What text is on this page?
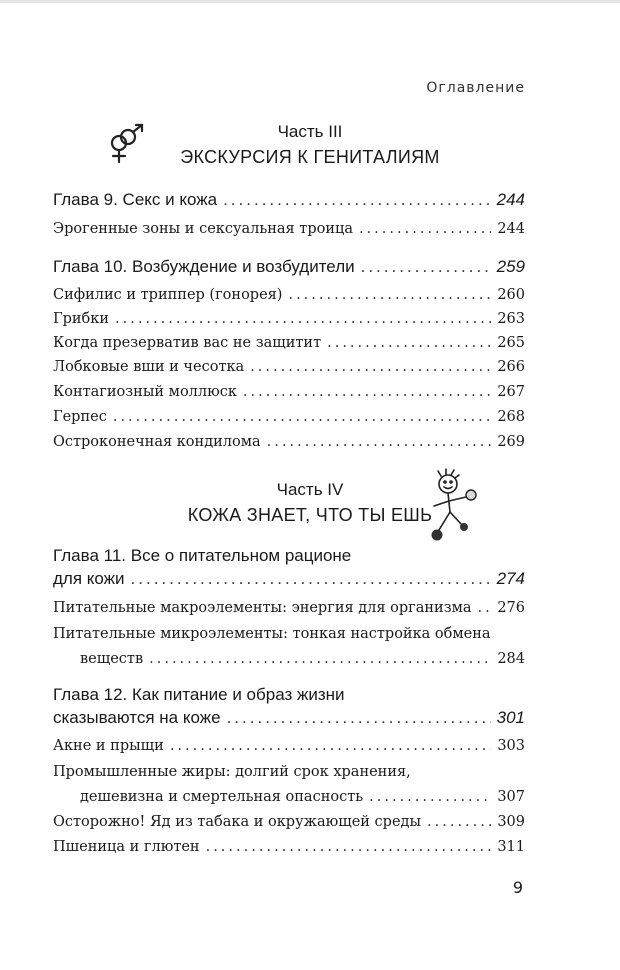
Оглавление
Часть III
ЭКСКУРСИЯ К ГЕНИТАЛИЯМ
Глава 9. Секс и кожа .....	244
Эрогенные зоны и сексуальная троица .....	244
Глава 10. Возбуждение и возбудители .....	259
Сифилис и триппер (гонорея) .....	260
Грибки .....	263
Когда презерватив вас не защитит .....	265
Лобковые вши и чесотка .....	266
Контагиозный моллюск .....	267
Герпес .....	268
Остроконечная кондилома .....	269
Часть IV
КОЖА ЗНАЕТ, ЧТО ТЫ ЕШЬ
Глава 11. Все о питательном рационе
для кожи .....	274
Питательные макроэлементы: энергия для организма ..... 276
Питательные микроэлементы: тонкая настройка обмена
веществ .....	284
Глава 12. Как питание и образ жизни
сказываются на коже .....	301
Акне и прыщи .....	303
Промышленные жиры: долгий срок хранения,
дешевизна и смертельная опасность .....	307
Осторожно! Яд из табака и окружающей среды .....	309
Пшеница и глютен .....	311
9
